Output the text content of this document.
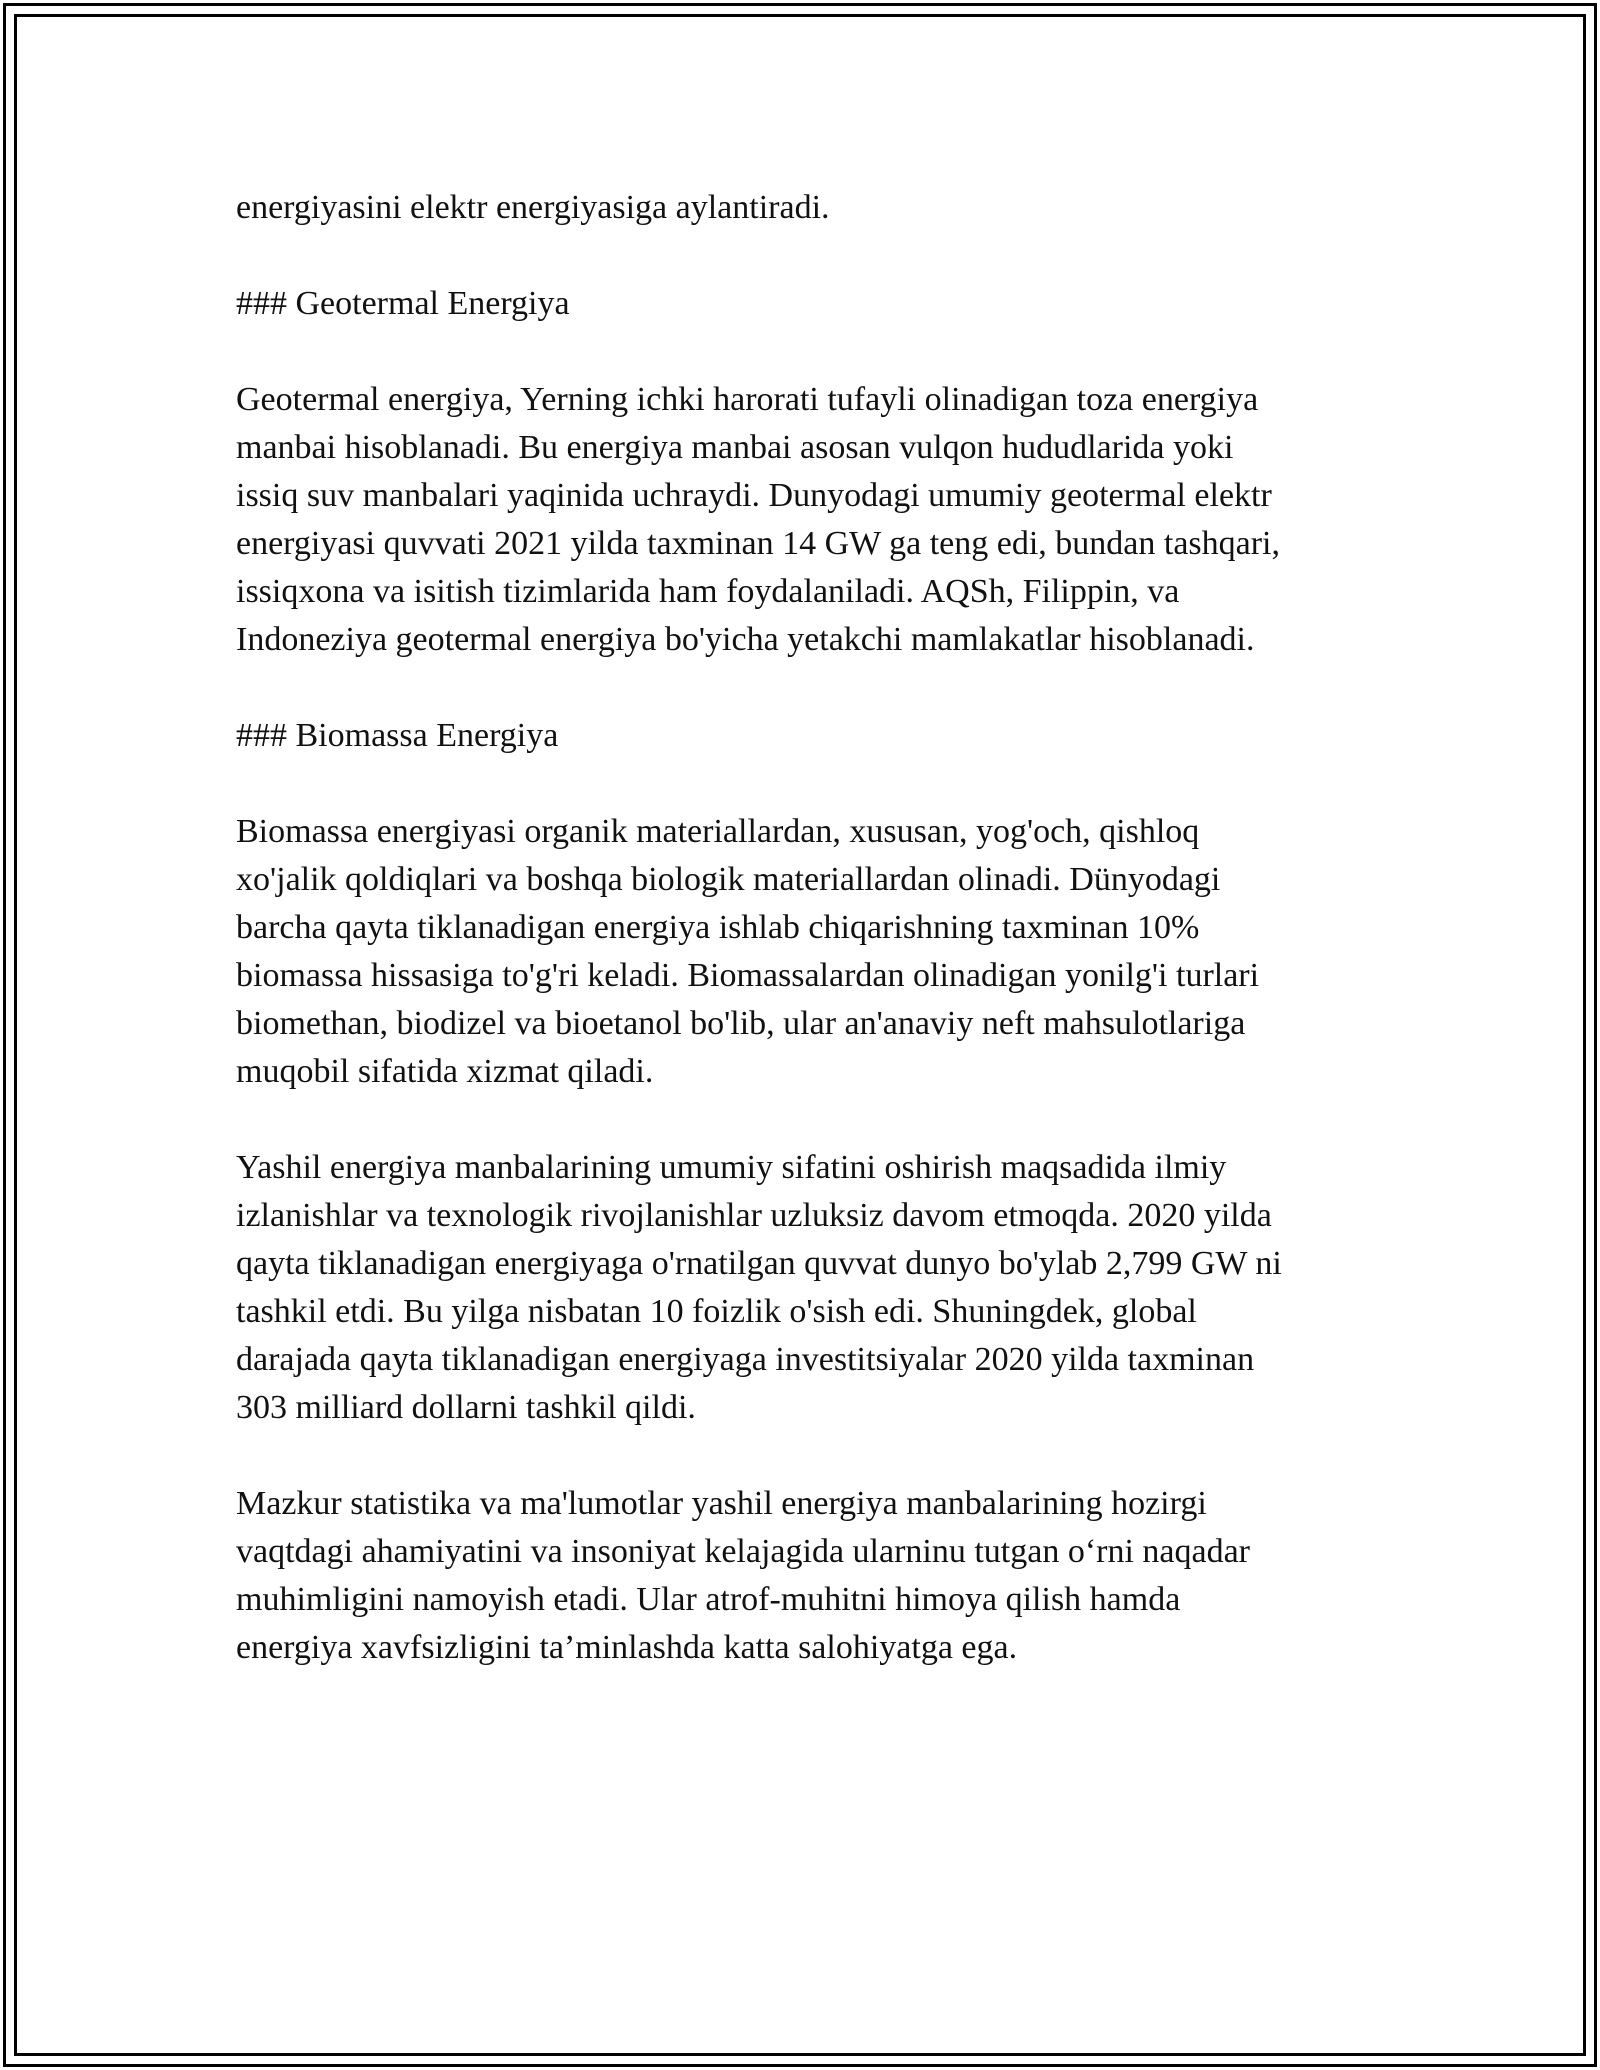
energiyasini elektr energiyasiga aylantiradi.

### Geotermal Energiya

Geotermal energiya, Yerning ichki harorati tufayli olinadigan toza energiya
manbai hisoblanadi. Bu energiya manbai asosan vulqon hududlarida yoki
issiq suv manbalari yaqinida uchraydi. Dunyodagi umumiy geotermal elektr
energiyasi quvvati 2021 yilda taxminan 14 GW ga teng edi, bundan tashqari,
issiqxona va isitish tizimlarida ham foydalaniladi. AQSh, Filippin, va
Indoneziya geotermal energiya bo'yicha yetakchi mamlakatlar hisoblanadi.

### Biomassa Energiya

Biomassa energiyasi organik materiallardan, xususan, yog'och, qishloq
xo'jalik qoldiqlari va boshqa biologik materiallardan olinadi. Dünyodagi
barcha qayta tiklanadigan energiya ishlab chiqarishning taxminan 10%
biomassa hissasiga to'g'ri keladi. Biomassalardan olinadigan yonilg'i turlari
biomethan, biodizel va bioetanol bo'lib, ular an'anaviy neft mahsulotlariga
muqobil sifatida xizmat qiladi.

Yashil energiya manbalarining umumiy sifatini oshirish maqsadida ilmiy
izlanishlar va texnologik rivojlanishlar uzluksiz davom etmoqda. 2020 yilda
qayta tiklanadigan energiyaga o'rnatilgan quvvat dunyo bo'ylab 2,799 GW ni
tashkil etdi. Bu yilga nisbatan 10 foizlik o'sish edi. Shuningdek, global
darajada qayta tiklanadigan energiyaga investitsiyalar 2020 yilda taxminan
303 milliard dollarni tashkil qildi.

Mazkur statistika va ma'lumotlar yashil energiya manbalarining hozirgi
vaqtdagi ahamiyatini va insoniyat kelajagida ularninu tutgan o‘rni naqadar
muhimligini namoyish etadi. Ular atrof-muhitni himoya qilish hamda
energiya xavfsizligini ta’minlashda katta salohiyatga ega.
